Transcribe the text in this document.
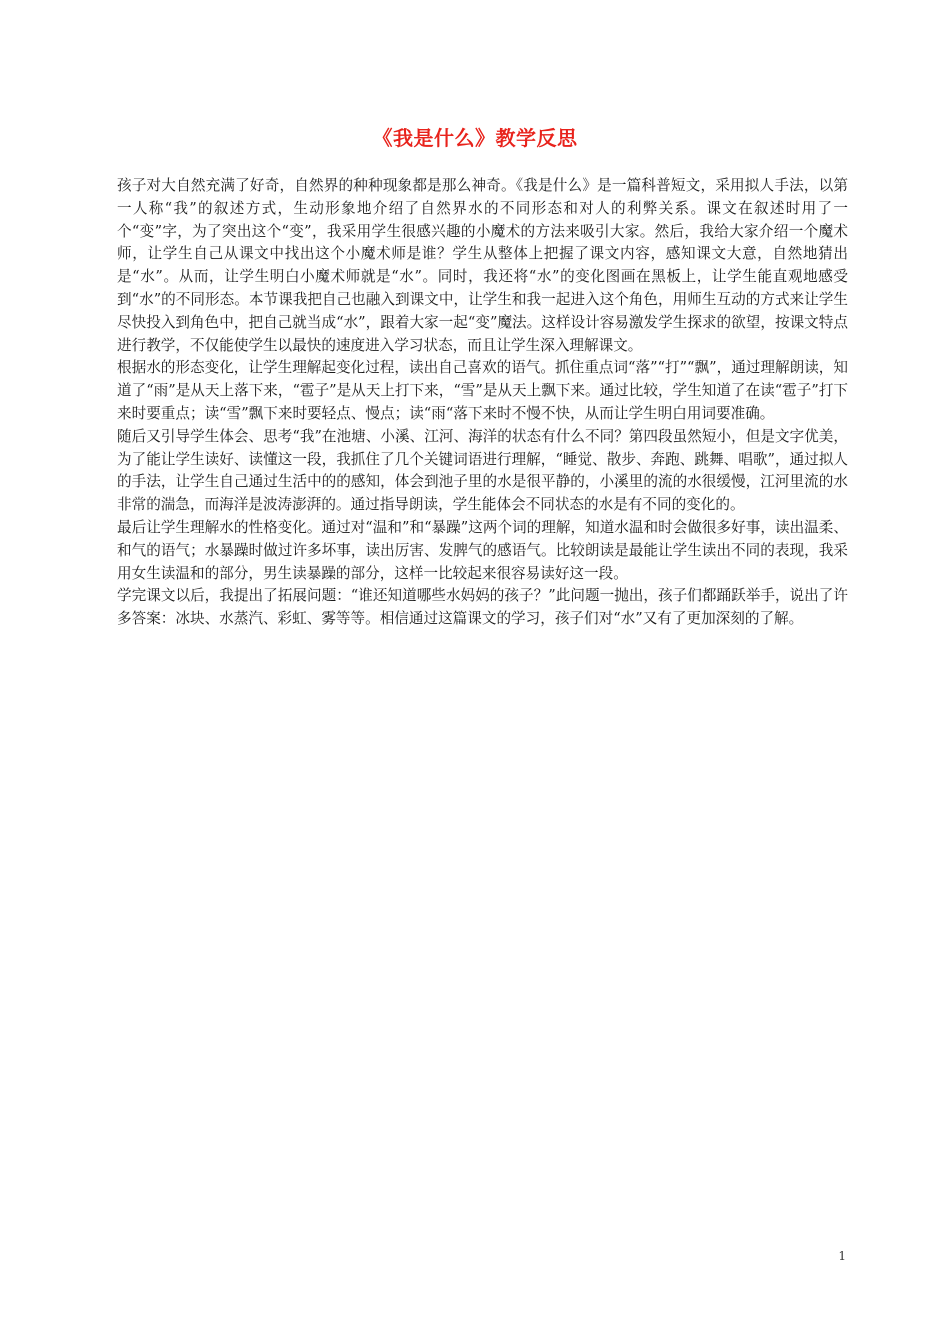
《我是什么》教学反思

孩子对大自然充满了好奇，自然界的种种现象都是那么神奇。《我是什么》是一篇科普短文，采用拟人手法，以第一人称“我”的叙述方式，生动形象地介绍了自然界水的不同形态和对人的利弊关系。课文在叙述时用了一个“变”字，为了突出这个“变”，我采用学生很感兴趣的小魔术的方法来吸引大家。然后，我给大家介绍一个魔术师，让学生自己从课文中找出这个小魔术师是谁？学生从整体上把握了课文内容，感知课文大意，自然地猜出是“水”。从而，让学生明白小魔术师就是“水”。同时，我还将“水”的变化图画在黑板上，让学生能直观地感受到“水”的不同形态。本节课我把自己也融入到课文中，让学生和我一起进入这个角色，用师生互动的方式来让学生尽快投入到角色中，把自己就当成“水”，跟着大家一起“变”魔法。这样设计容易激发学生探求的欲望，按课文特点进行教学，不仅能使学生以最快的速度进入学习状态，而且让学生深入理解课文。

根据水的形态变化，让学生理解起变化过程，读出自己喜欢的语气。抓住重点词“落”“打”“飘”，通过理解朗读，知道了“雨”是从天上落下来，“雹子”是从天上打下来，“雪”是从天上飘下来。通过比较，学生知道了在读“雹子”打下来时要重点；读“雪”飘下来时要轻点、慢点；读“雨“落下来时不慢不快，从而让学生明白用词要准确。

随后又引导学生体会、思考“我”在池塘、小溪、江河、海洋的状态有什么不同？第四段虽然短小，但是文字优美，为了能让学生读好、读懂这一段，我抓住了几个关键词语进行理解，“睡觉、散步、奔跑、跳舞、唱歌”，通过拟人的手法，让学生自己通过生活中的的感知，体会到池子里的水是很平静的，小溪里的流的水很缓慢，江河里流的水非常的湍急，而海洋是波涛澎湃的。通过指导朗读，学生能体会不同状态的水是有不同的变化的。

最后让学生理解水的性格变化。通过对“温和”和“暴躁”这两个词的理解，知道水温和时会做很多好事，读出温柔、和气的语气；水暴躁时做过许多坏事，读出厉害、发脾气的感语气。比较朗读是最能让学生读出不同的表现，我采用女生读温和的部分，男生读暴躁的部分，这样一比较起来很容易读好这一段。

学完课文以后，我提出了拓展问题：“谁还知道哪些水妈妈的孩子？”此问题一抛出，孩子们都踊跃举手，说出了许多答案：冰块、水蒸汽、彩虹、雾等等。相信通过这篇课文的学习，孩子们对“水”又有了更加深刻的了解。

1
